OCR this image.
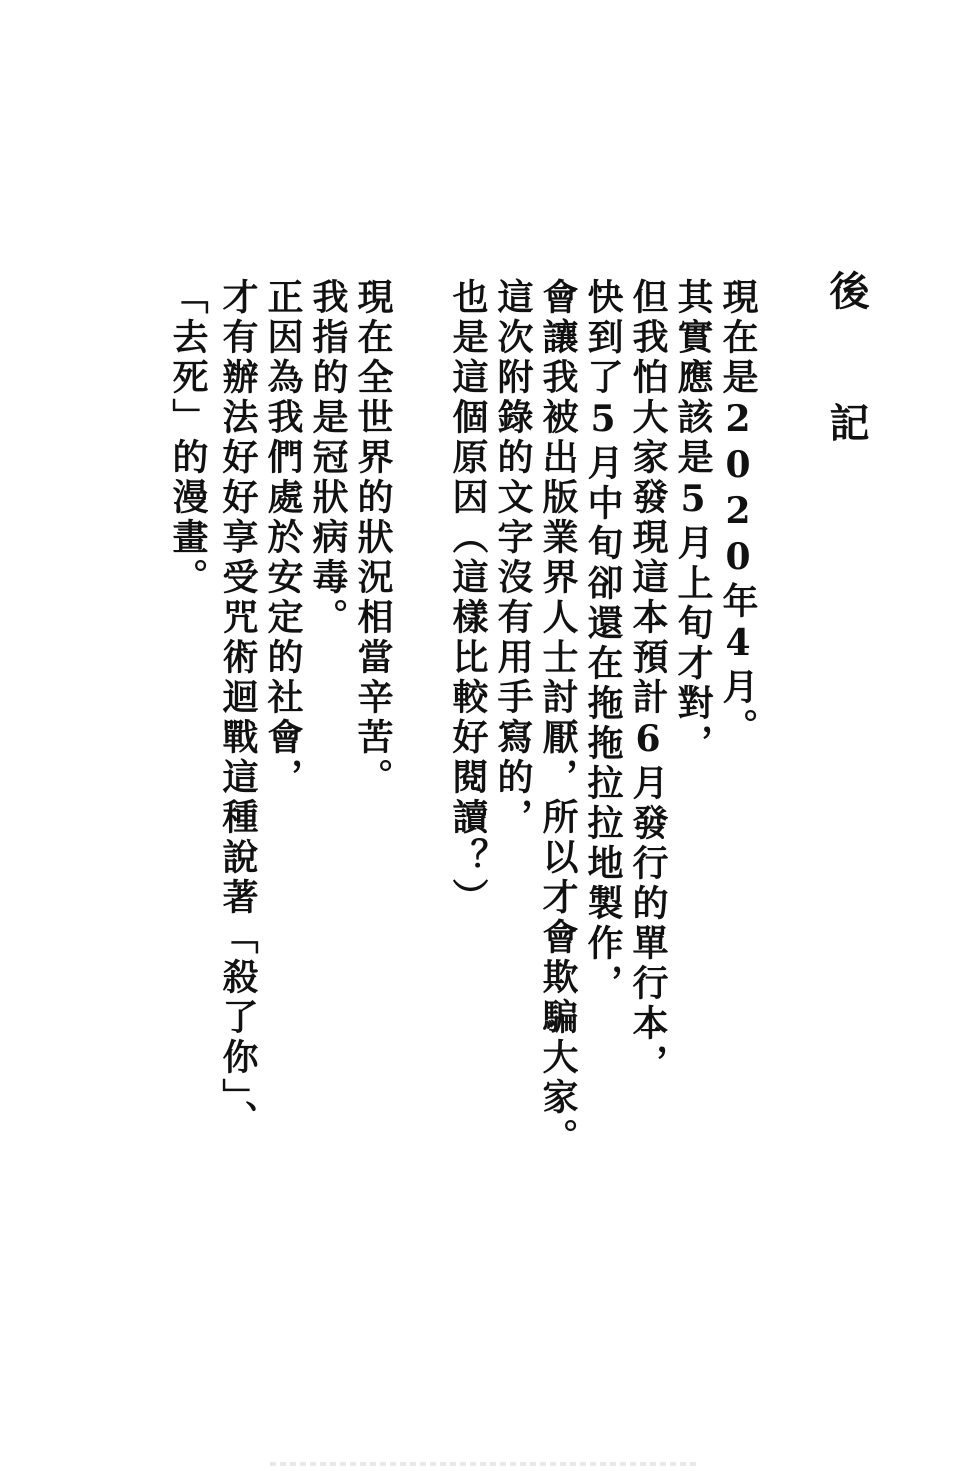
後記
現在是2020年4月。
其實應該是5月上旬才對，
但我怕大家發現這本預計6月發行的單行本，
快到了5月中旬卻還在拖拖拉拉地製作，
會讓我被出版業界人士討厭，所以才會欺騙大家。
這次附錄的文字沒有用手寫的，
也是這個原因（這樣比較好閱讀？）
現在全世界的狀況相當辛苦。
我指的是冠狀病毒。
正因為我們處於安定的社會，
才有辦法好好享受咒術迴戰這種說著「殺了你」、
「去死」的漫畫。
